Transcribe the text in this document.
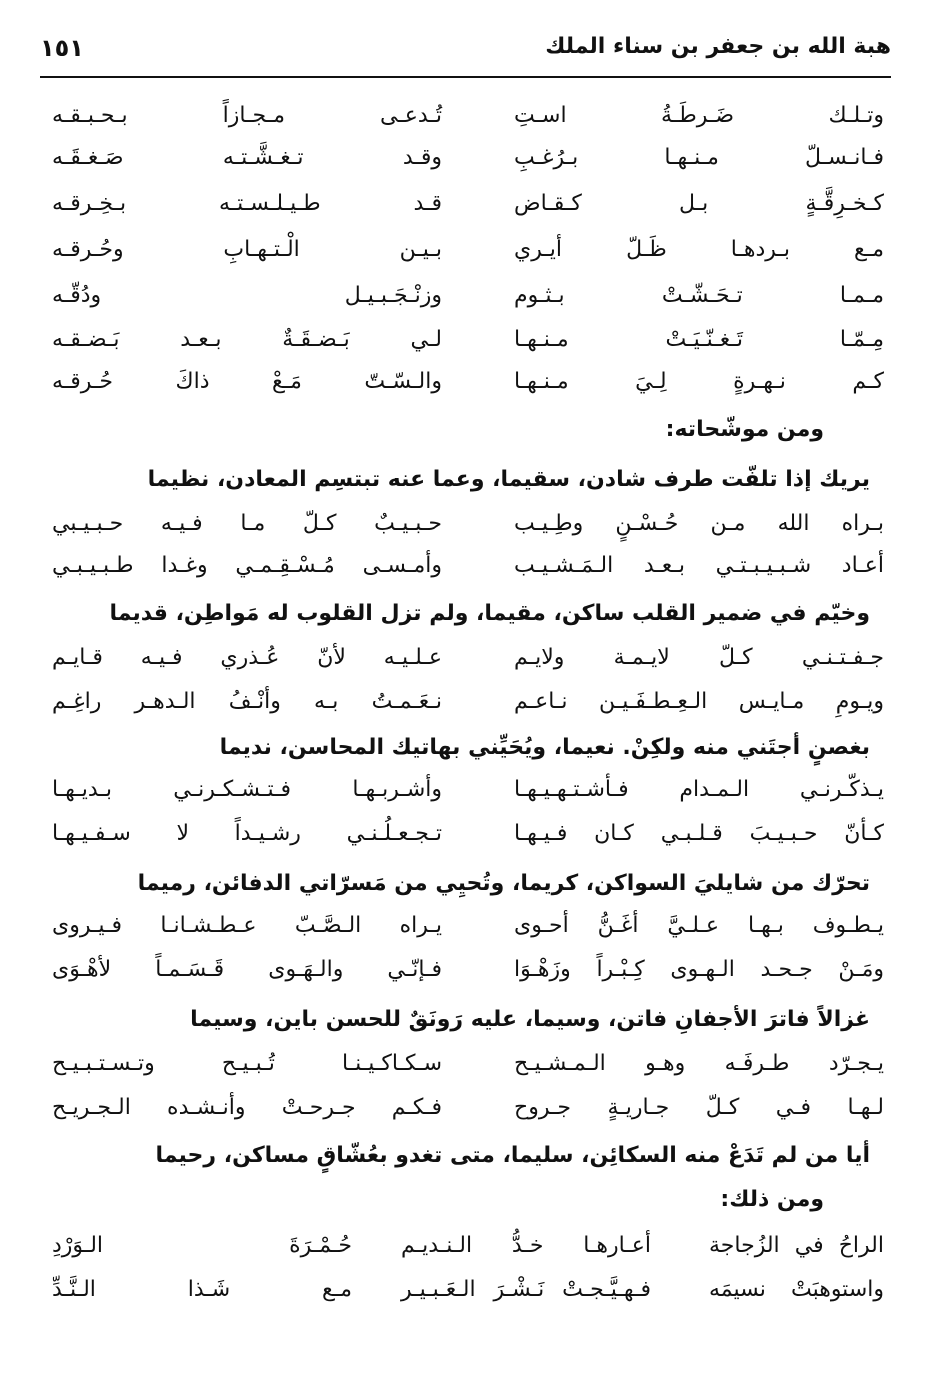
هبة الله بن جعفر بن سناء الملك
١٥١
وتـلـك ضَـرطَـةُ اسـتِ
تُـدعـى مـجـازاً بـحـبـقـه
فـانـسـلّ مـنـهـا بـرُغـبِ
وقـد تـغـشَّـتـه صَـغـقَـه
كـخـرِقَّـةٍ بـل كـقـاض
قـد طـيـلـسـتـه بـخِـرقـه
مـع بـردهـا ظَـلّ أيـري
بـيـن الْـتـهـابِ وحُـرقـه
مـمـا تـحَـشّـتْ بـثـوم
وزنْـجَـبـيـل ودُقّـه
مِـمّـا تَـغـنّـيَـتْ مـنـهـا
لـي بَـضـقَـةٌ بـعـد بَـضـقـه
كـم نـهـرةٍ لِـيَ مـنـهـا
والـسّـتّ مَـعْ ذاكَ حُـرقـه
ومن موشّحاته:
يريك إذا تلفّت طرف شادن، سقيما، وعما عنه تبتسِم المعادن، نظيما
بـراه الله مـن حُـسْـنٍ وطِـيـب
حـبـيـبٌ كـلّ مـا فـيـه حـبـيـبي
أعـاد شـبـيـبـتـي بـعـد الـمَـشـيـب
وأمـسـى مُـسْـقِـمـي وغـدا طـبـيـبـي
وخيّم في ضمير القلب ساكن، مقيما، ولم تزل القلوب له مَواطِن، قديما
جـفـتـنـي كـلّ لايـمـة ولايـم
عـلـيـه لأنّ عُـذري فـيـه قـايـم
ويـومِ مـايـس الـعِـطـفَـيـن نـاعـم
نـعَـمـتُ بـه وأنْـفُ الـدهـر راغِـم
بغصنٍ أجتَني منه ولكِنْ. نعيما، ويُحَيِّني بهاتيك المحاسن، نديما
يـذكّـرنـي الـمـدام فـأشـتـهـيـهـا
وأشـربـهـا فـتـشـكـرنـي بـديـهـا
كـأنّ حـبـيـبَ قـلـبـي كـان فـيـهـا
تـجـعـلُـنـي رشـيـداً لا سـفـيـهـا
تحرّك من شايليَ السواكن، كريما، وتُحيِي من مَسرّاتي الدفائن، رميما
يـطـوف بـهـا عـلـيَّ أغَـنُّ أحـوى
يـراه الـصَّـبّ عـطـشـانـا فـيـروى
ومَـنْ جـحـد الـهـوى كِـبْـراً وزَهْـوَا
فـإنّـي والـهَـوى قَـسَـمـاً لأهْـوَى
غزالاً فاترَ الأجفانِ فاتن، وسيما، عليه رَونَقٌ للحسن باين، وسيما
يـجـرّد طـرفَـه وهـو الـمـشـيـح
سـكـاكـيـنـا تُـبـيـح وتـسـتـبـيـح
لـهـا فـي كـلّ جـاريـةٍ جـروح
فـكـم جـرحـتْ وأنـشـده الـجـريـح
أيا من لم تَدَعْ منه السكائِن، سليما، متى تغدو بعُشّاقٍ مساكن، رحيما
ومن ذلك:
الراحُ في الزُجاجة
أعـارهـا خـدُّ الـنـديـم
حُـمْـرَةَ الـوَرْدِ
واستوهبَتْ نسيمَه
فـهـيَّـجـتْ نَـشْـرَ الـعَـبـيـر
مـع شَـذا الـنَّـدِّ
